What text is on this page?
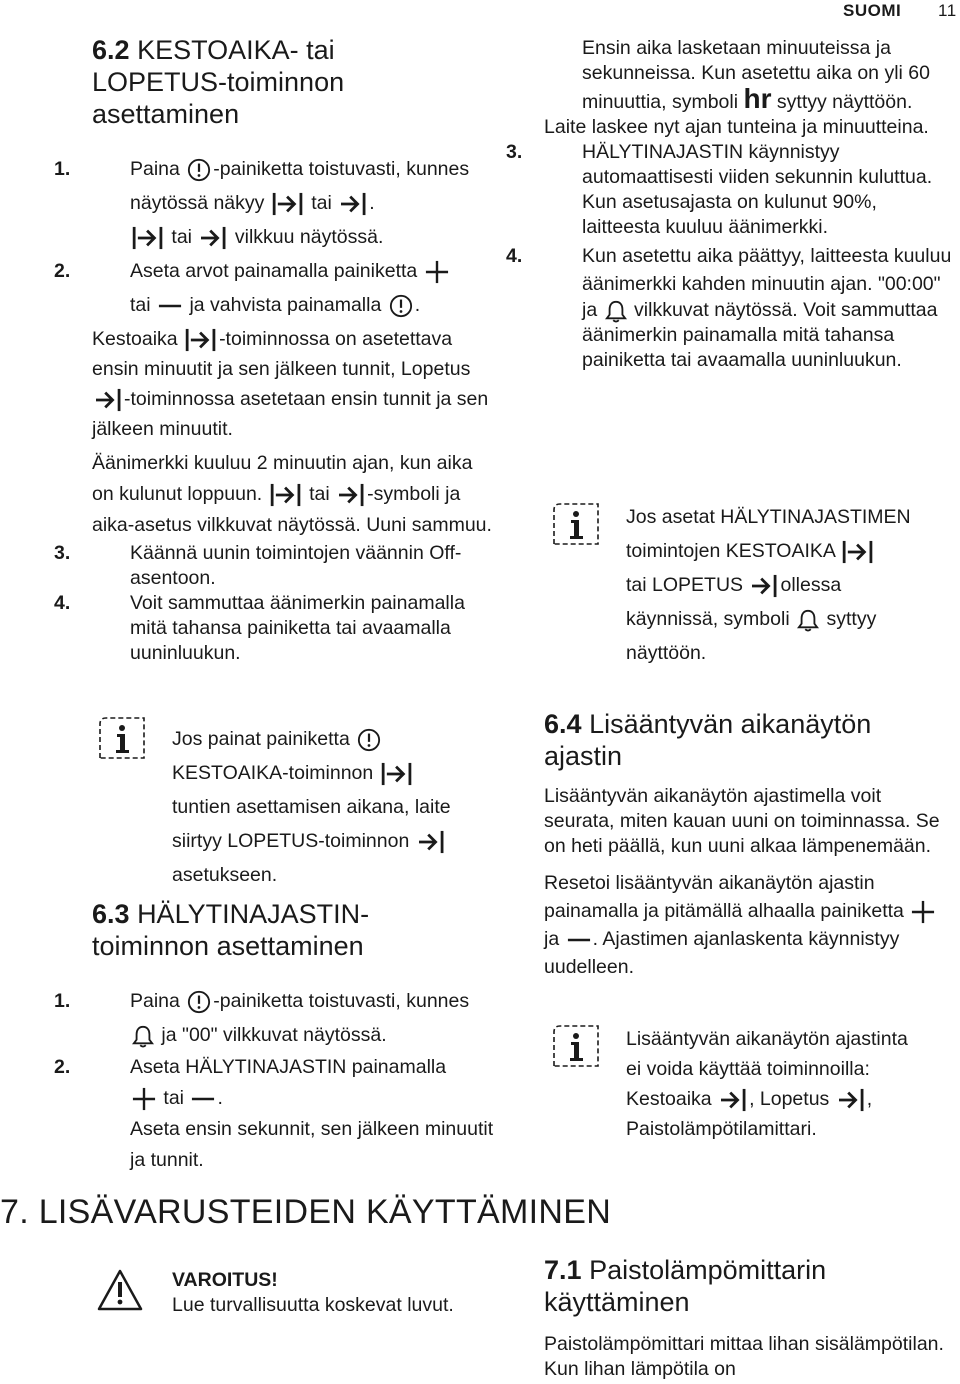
SUOMI 11
6.2 KESTOAIKA- tai LOPETUS-toiminnon asettaminen
1.	Paina -painiketta toistuvasti, kunnes näytössä näkyy tai .

tai vilkkuu näytössä.
2.	Aseta arvot painamalla painiketta

tai ja vahvista painamalla .
Kestoaika -toiminnossa on asetettava ensin minuutit ja sen jälkeen tunnit, Lopetus
-toiminnossa asetetaan ensin tunnit ja sen jälkeen minuutit.
Äänimerkki kuuluu 2 minuutin ajan, kun aika on kulunut loppuun. tai -symboli ja aika-asetus vilkkuvat näytössä. Uuni sammuu.
3.	Käännä uunin toimintojen väännin Off-asentoon.
4.	Voit sammuttaa äänimerkin painamalla mitä tahansa painiketta tai avaamalla uuninluukun.
Jos painat painiketta

KESTOAIKA-toiminnon

tuntien asettamisen aikana, laite siirtyy LOPETUS-toiminnon
asetukseen.
6.3 HÄLYTINAJASTIN-toiminnon asettaminen
1.	Paina -painiketta toistuvasti, kunnes

ja "00" vilkkuvat näytössä.
2.	Aseta HÄLYTINAJASTIN painamalla

tai .
Aseta ensin sekunnit, sen jälkeen minuutit ja tunnit.
Ensin aika lasketaan minuuteissa ja sekunneissa. Kun asetettu aika on yli 60 minuuttia, symboli hr syttyy näyttöön.
Laite laskee nyt ajan tunteina ja minuutteina.
3.	HÄLYTINAJASTIN käynnistyy automaattisesti viiden sekunnin kuluttua.
Kun asetusajasta on kulunut 90%, laitteesta kuuluu äänimerkki.
4.	Kun asetettu aika päättyy, laitteesta kuuluu äänimerkki kahden minuutin ajan. "00:00" ja vilkkuvat näytössä. Voit sammuttaa äänimerkin painamalla mitä tahansa painiketta tai avaamalla uuninluukun.
Jos asetat HÄLYTINAJASTIMEN toimintojen KESTOAIKA

tai LOPETUS ollessa käynnissä, symboli syttyy näyttöön.
6.4 Lisääntyvän aikanäytön ajastin
Lisääntyvän aikanäytön ajastimella voit seurata, miten kauan uuni on toiminnassa. Se on heti päällä, kun uuni alkaa lämpenemään.
Resetoi lisääntyvän aikanäytön ajastin painamalla ja pitämällä alhaalla painiketta
ja . Ajastimen ajanlaskenta käynnistyy uudelleen.
Lisääntyvän aikanäytön ajastinta ei voida käyttää toiminnoilla: Kestoaika , Lopetus , Paistolämpötilamittari.
7. LISÄVARUSTEIDEN KÄYTTÄMINEN
VAROITUS!
Lue turvallisuutta koskevat luvut.
7.1 Paistolämpömittarin käyttäminen
Paistolämpömittari mittaa lihan sisälämpötilan. Kun lihan lämpötila on
